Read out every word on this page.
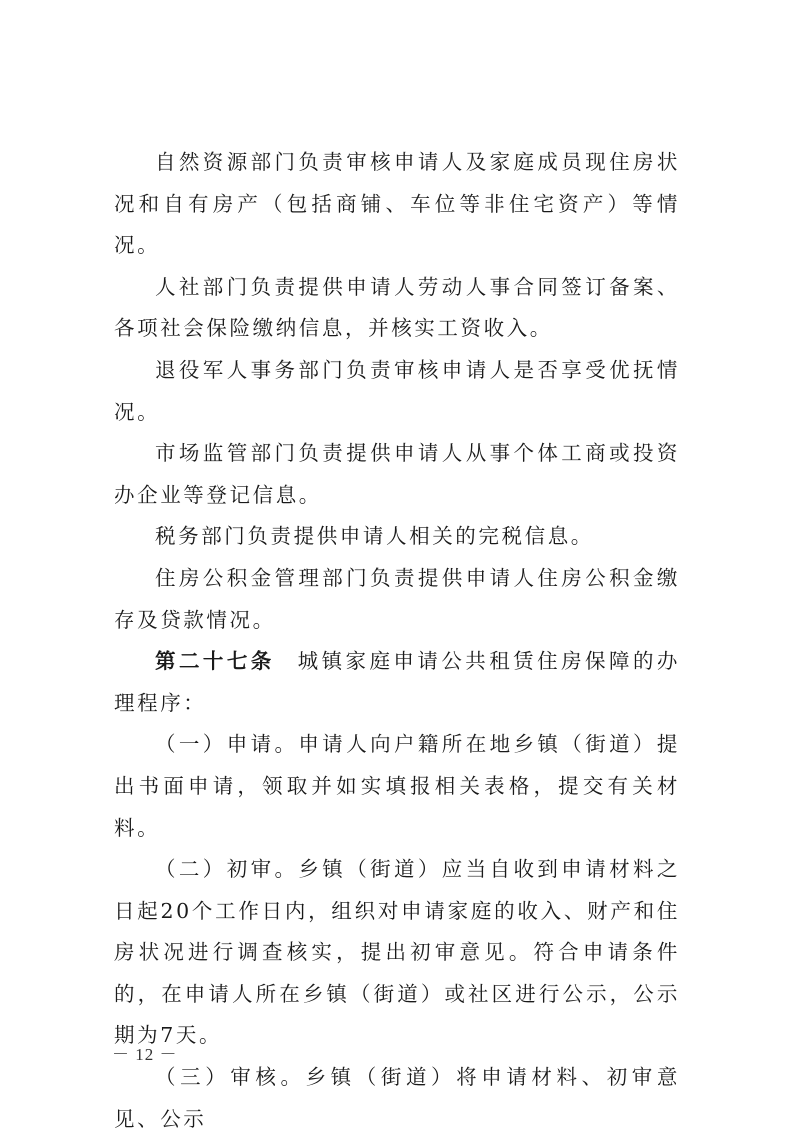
自然资源部门负责审核申请人及家庭成员现住房状况和自有房产（包括商铺、车位等非住宅资产）等情况。

人社部门负责提供申请人劳动人事合同签订备案、各项社会保险缴纳信息，并核实工资收入。

退役军人事务部门负责审核申请人是否享受优抚情况。

市场监管部门负责提供申请人从事个体工商或投资办企业等登记信息。

税务部门负责提供申请人相关的完税信息。

住房公积金管理部门负责提供申请人住房公积金缴存及贷款情况。

第二十七条 城镇家庭申请公共租赁住房保障的办理程序：

（一）申请。申请人向户籍所在地乡镇（街道）提出书面申请，领取并如实填报相关表格，提交有关材料。

（二）初审。乡镇（街道）应当自收到申请材料之日起20个工作日内，组织对申请家庭的收入、财产和住房状况进行调查核实，提出初审意见。符合申请条件的，在申请人所在乡镇（街道）或社区进行公示，公示期为7天。

（三）审核。乡镇（街道）将申请材料、初审意见、公示

－ 12 －
